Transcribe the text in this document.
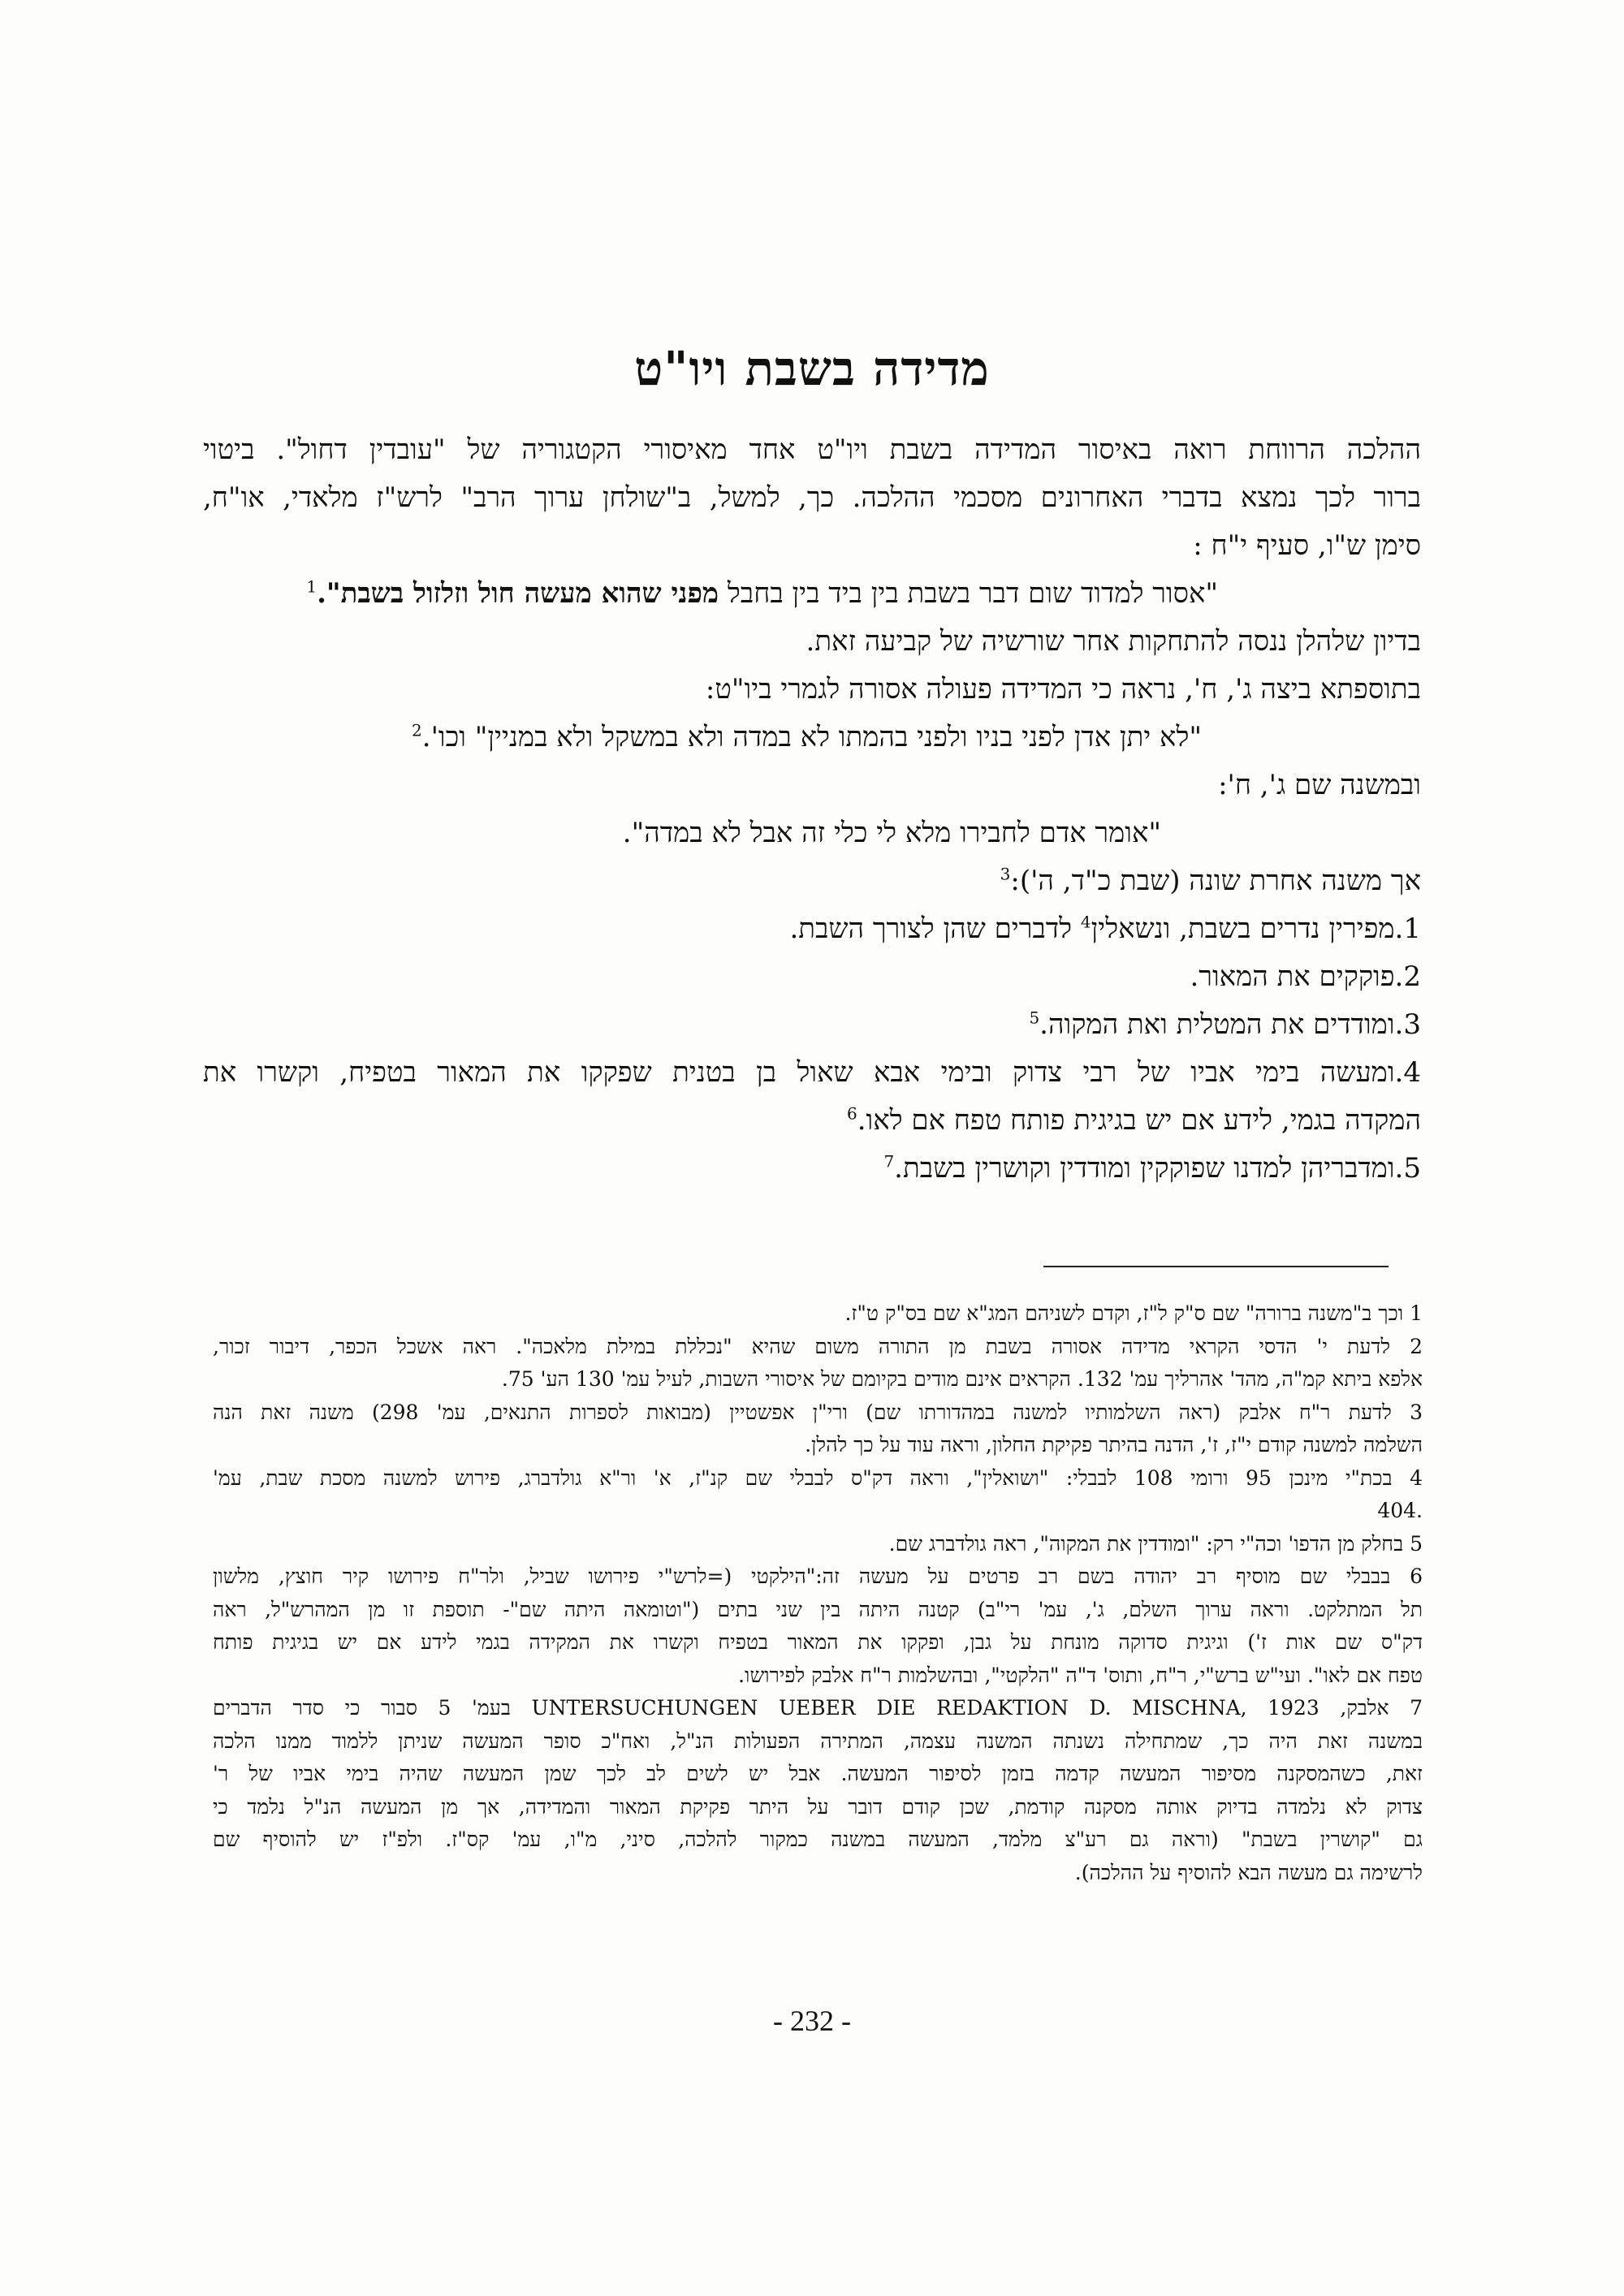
מדידה בשבת ויו"ט
ההלכה הרווחת רואה באיסור המדידה בשבת ויו"ט אחד מאיסורי הקטגוריה של "עובדין דחול". ביטוי
ברור לכך נמצא בדברי האחרונים מסכמי ההלכה. כך, למשל, ב"שולחן ערוך הרב" לרש"ז מלאדי, או"ח,
סימן ש"ו, סעיף י"ח :
"אסור למדוד שום דבר בשבת בין ביד בין בחבל מפני שהוא מעשה חול וזלזול בשבת".$^1$
בדיון שלהלן ננסה להתחקות אחר שורשיה של קביעה זאת.
בתוספתא ביצה ג', ח', נראה כי המדידה פעולה אסורה לגמרי ביו"ט:
"לא יתן אדן לפני בניו ולפני בהמתו לא במדה ולא במשקל ולא במניין" וכו'.$^2$
ובמשנה שם ג', ח':
"אומר אדם לחבירו מלא לי כלי זה אבל לא במדה".
אך משנה אחרת שונה (שבת כ"ד, ה'):$^3$
1.מפירין נדרים בשבת, ונשאלין$^4$ לדברים שהן לצורך השבת.
2.פוקקים את המאור.
3.ומודדים את המטלית ואת המקוה.$^5$
4.ומעשה בימי אביו של רבי צדוק ובימי אבא שאול בן בטנית שפקקו את המאור בטפיח, וקשרו את
המקדה בגמי, לידע אם יש בגיגית פותח טפח אם לאו.$^6$
5.ומדבריהן למדנו שפוקקין ומודדין וקושרין בשבת.$^7$
1 וכך ב"משנה ברורה" שם ס"ק ל"ז, וקדם לשניהם המג"א שם בס"ק ט"ז.
2 לדעת י' הדסי הקראי מדידה אסורה בשבת מן התורה משום שהיא "נכללת במילת מלאכה". ראה אשכל הכפר, דיבור זכור,
אלפא ביתא קמ"ה, מהד' אהרליך עמ' 132. הקראים אינם מודים בקיומם של איסורי השבות, לעיל עמ' 130 הע' 75.
3 לדעת ר"ח אלבק (ראה השלמותיו למשנה במהדורתו שם) ורי"ן אפשטיין (מבואות לספרות התנאים, עמ' 298) משנה זאת הנה
השלמה למשנה קודם י"ז, ז', הדנה בהיתר פקיקת החלון, וראה עוד על כך להלן.
4 בכת"י מינכן 95 ורומי 108 לבבלי: "ושואלין", וראה דק"ס לבבלי שם קנ"ז, א' ור"א גולדברג, פירוש למשנה מסכת שבת, עמ'
.404
5 בחלק מן הדפו' וכה"י רק: "ומודדין את המקוה", ראה גולדברג שם.
6 בבבלי שם מוסיף רב יהודה בשם רב פרטים על מעשה זה:"הילקטי (=לרש"י פירושו שביל, ולר"ח פירושו קיר חוצץ, מלשון
תל המתלקט. וראה ערוך השלם, ג', עמ' רי"ב) קטנה היתה בין שני בתים ("וטומאה היתה שם"- תוספת זו מן המהרש"ל, ראה
דק"ס שם אות ז') וגיגית סדוקה מונחת על גבן, ופקקו את המאור בטפיח וקשרו את המקידה בגמי לידע אם יש בגיגית פותח
טפח אם לאו". ועי"ש ברש"י, ר"ח, ותוס' ד"ה "הלקטי", ובהשלמות ר"ח אלבק לפירושו.
7 אלבק, UNTERSUCHUNGEN UEBER DIE REDAKTION D. MISCHNA, 1923 בעמ' 5 סבור כי סדר הדברים
במשנה זאת היה כך, שמתחילה נשנתה המשנה עצמה, המתירה הפעולות הנ"ל, ואח"כ סופר המעשה שניתן ללמוד ממנו הלכה
זאת, כשהמסקנה מסיפור המעשה קדמה בזמן לסיפור המעשה. אבל יש לשים לב לכך שמן המעשה שהיה בימי אביו של ר'
צדוק לא נלמדה בדיוק אותה מסקנה קודמת, שכן קודם דובר על היתר פקיקת המאור והמדידה, אך מן המעשה הנ"ל נלמד כי
גם "קושרין בשבת" (וראה גם רע"צ מלמד, המעשה במשנה כמקור להלכה, סיני, מ"ו, עמ' קס"ז. ולפ"ז יש להוסיף שם
לרשימה גם מעשה הבא להוסיף על ההלכה).
- 232 -
